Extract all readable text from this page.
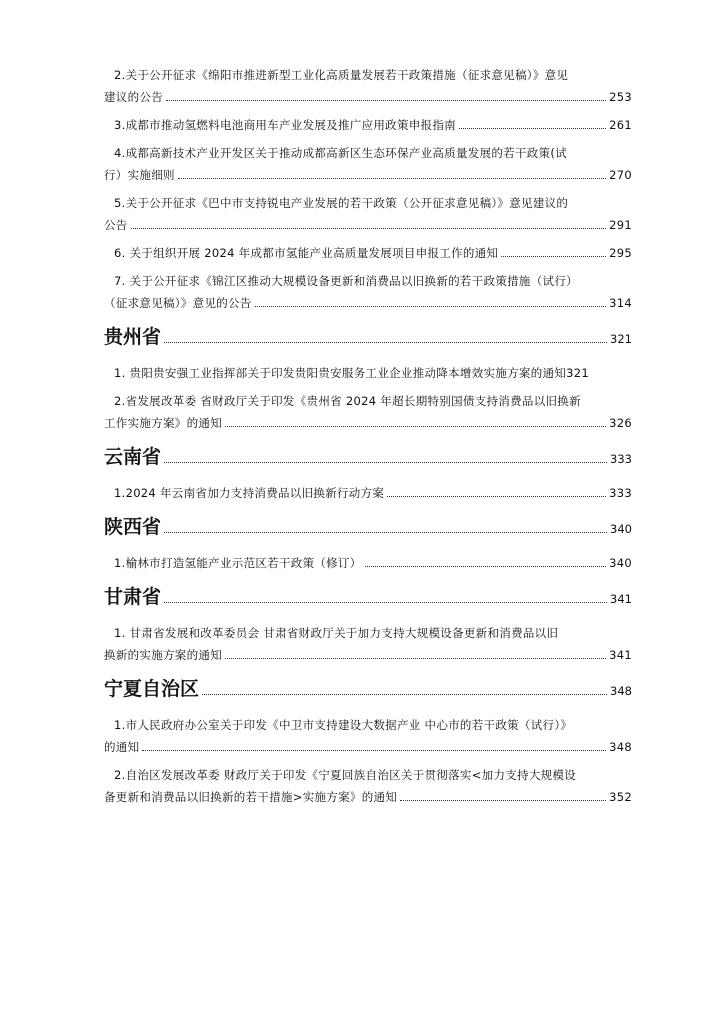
2.关于公开征求《绵阳市推进新型工业化高质量发展若干政策措施（征求意见稿）》意见
建议的公告	253
3.成都市推动氢燃料电池商用车产业发展及推广应用政策申报指南	261
4.成都高新技术产业开发区关于推动成都高新区生态环保产业高质量发展的若干政策(试
行）实施细则	270
5.关于公开征求《巴中市支持锐电产业发展的若干政策（公开征求意见稿）》意见建议的
公告	291
6. 关于组织开展 2024 年成都市氢能产业高质量发展项目申报工作的通知	295
7. 关于公开征求《锦江区推动大规模设备更新和消费品以旧换新的若干政策措施（试行）
（征求意见稿）》意见的公告	314
贵州省	321
1. 贵阳贵安强工业指挥部关于印发贵阳贵安服务工业企业推动降本增效实施方案的通知 321
2.省发展改革委 省财政厅关于印发《贵州省 2024 年超长期特别国债支持消费品以旧换新
工作实施方案》的通知	326
云南省	333
1.2024 年云南省加力支持消费品以旧换新行动方案	333
陕西省	340
1.榆林市打造氢能产业示范区若干政策（修订）	340
甘肃省	341
1. 甘肃省发展和改革委员会 甘肃省财政厅关于加力支持大规模设备更新和消费品以旧
换新的实施方案的通知	341
宁夏自治区	348
1.市人民政府办公室关于印发《中卫市支持建设大数据产业 中心市的若干政策（试行）》
的通知	348
2.自治区发展改革委 财政厅关于印发《宁夏回族自治区关于贯彻落实<加力支持大规模设
备更新和消费品以旧换新的若干措施>实施方案》的通知	352
